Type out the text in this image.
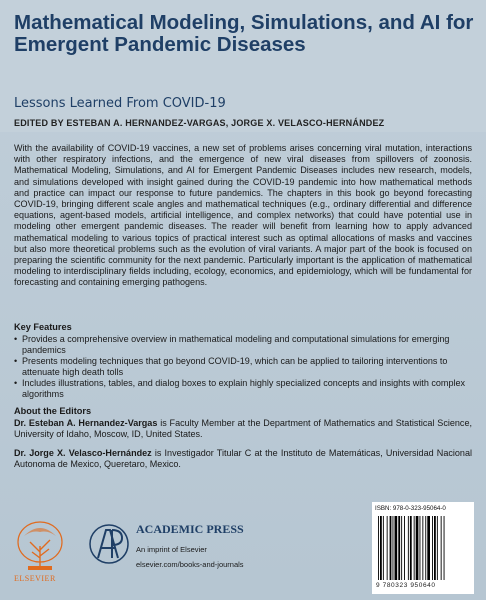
Mathematical Modeling, Simulations, and AI for Emergent Pandemic Diseases

Lessons Learned From COVID-19

EDITED BY ESTEBAN A. HERNANDEZ-VARGAS, JORGE X. VELASCO-HERNÁNDEZ

With the availability of COVID-19 vaccines, a new set of problems arises concerning viral mutation, interactions with other respiratory infections, and the emergence of new viral diseases from spillovers of zoonosis. Mathematical Modeling, Simulations, and AI for Emergent Pandemic Diseases includes new research, models, and simulations developed with insight gained during the COVID-19 pandemic into how mathematical methods and practice can impact our response to future pandemics. The chapters in this book go beyond forecasting COVID-19, bringing different scale angles and mathematical techniques (e.g., ordinary differential and difference equations, agent-based models, artificial intelligence, and complex networks) that could have potential use in modeling other emergent pandemic diseases. The reader will benefit from learning how to apply advanced mathematical modeling to various topics of practical interest such as optimal allocations of masks and vaccines but also more theoretical problems such as the evolution of viral variants. A major part of the book is focused on preparing the scientific community for the next pandemic. Particularly important is the application of mathematical modeling to interdisciplinary fields including, ecology, economics, and epidemiology, which will be fundamental for forecasting and containing emerging pathogens.

Key Features

• Provides a comprehensive overview in mathematical modeling and computational simulations for emerging pandemics
• Presents modeling techniques that go beyond COVID-19, which can be applied to tailoring interventions to attenuate high death tolls
• Includes illustrations, tables, and dialog boxes to explain highly specialized concepts and insights with complex algorithms

About the Editors

Dr. Esteban A. Hernandez-Vargas is Faculty Member at the Department of Mathematics and Statistical Science, University of Idaho, Moscow, ID, United States.

Dr. Jorge X. Velasco-Hernández is Investigador Titular C at the Instituto de Matemáticas, Universidad Nacional Autonoma de Mexico, Queretaro, Mexico.

ELSEVIER

ACADEMIC PRESS

An imprint of Elsevier

elsevier.com/books-and-journals

ISBN: 978-0-323-95064-0

9 780323 950640
